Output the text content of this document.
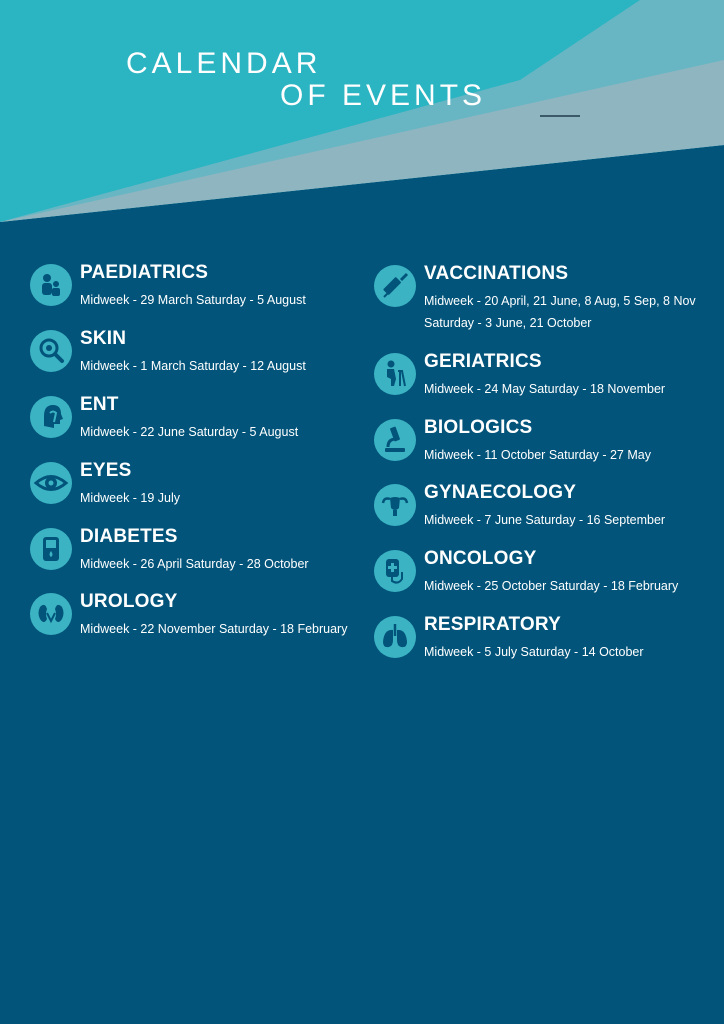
CALENDAR
OF EVENTS
PAEDIATRICS
Midweek - 29 March Saturday - 5 August
SKIN
Midweek - 1 March Saturday - 12 August
ENT
Midweek - 22 June Saturday - 5 August
EYES
Midweek - 19 July
DIABETES
Midweek - 26 April Saturday - 28 October
UROLOGY
Midweek - 22 November Saturday - 18 February
VACCINATIONS
Midweek - 20 April, 21 June, 8 Aug, 5 Sep, 8 Nov
Saturday - 3 June, 21 October
GERIATRICS
Midweek - 24 May Saturday - 18 November
BIOLOGICS
Midweek - 11 October Saturday - 27 May
GYNAECOLOGY
Midweek - 7 June Saturday - 16 September
ONCOLOGY
Midweek - 25 October Saturday - 18 February
RESPIRATORY
Midweek - 5 July Saturday - 14 October
